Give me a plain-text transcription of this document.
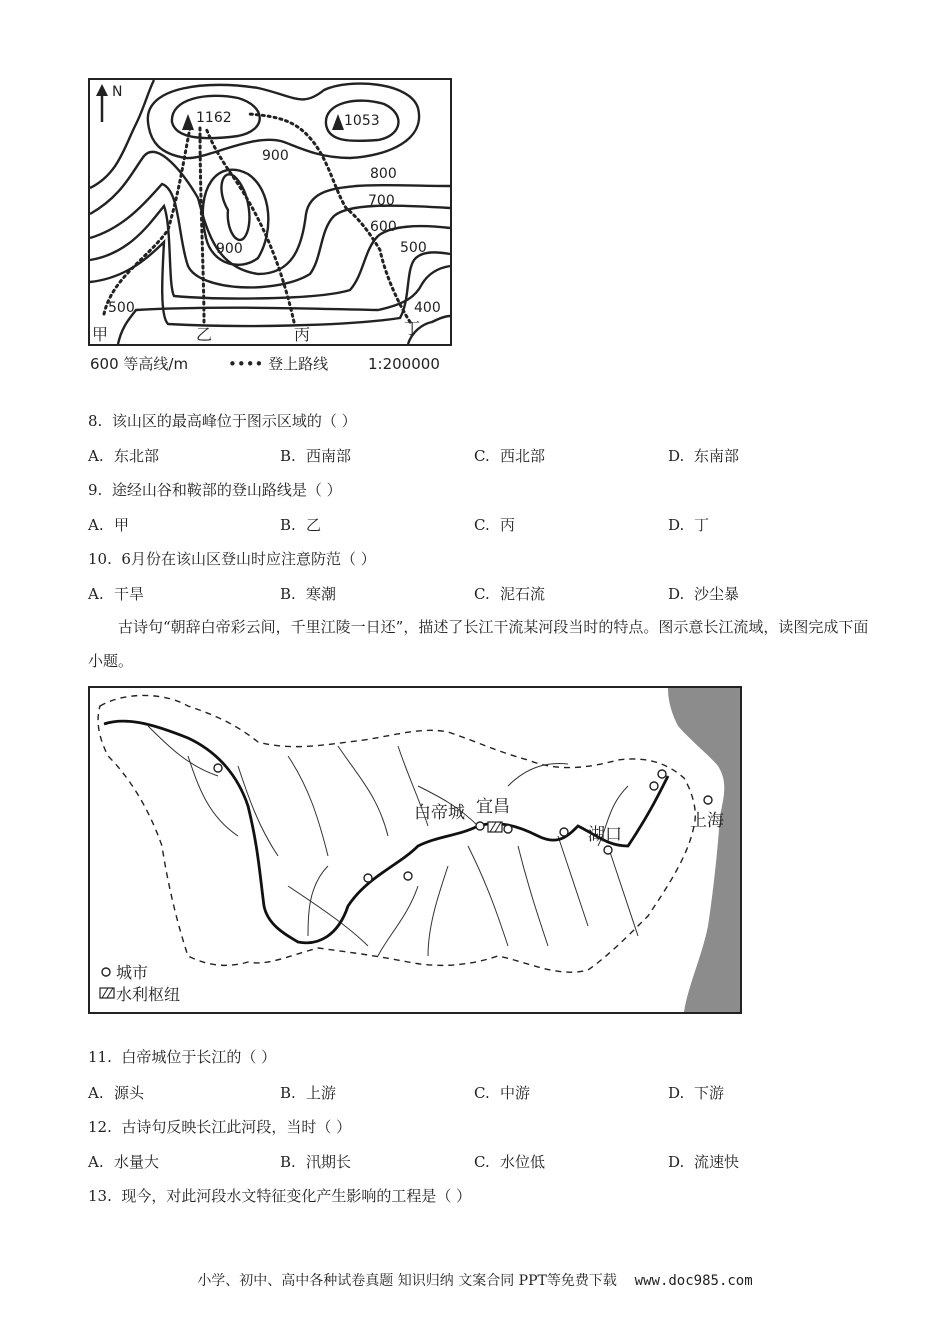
N
1162	1053
900
800
700
600
500
400
900
500
甲	乙	丙	丁
600 等高线/m	•••• 登上路线	1:200000
8. 该山区的最高峰位于图示区域的（ ）
A. 东北部	B. 西南部	C. 西北部	D. 东南部
9. 途经山谷和鞍部的登山路线是（ ）
A. 甲	B. 乙	C. 丙	D. 丁
10. 6月份在该山区登山时应注意防范（ ）
A. 干旱	B. 寒潮	C. 泥石流	D. 沙尘暴
古诗句“朝辞白帝彩云间，千里江陵一日还”，描述了长江干流某河段当时的特点。图示意长江流域，读图完成下面小题。
白帝城 宜昌
湖口
上海
城市
水利枢纽
11. 白帝城位于长江的（ ）
A. 源头	B. 上游	C. 中游	D. 下游
12. 古诗句反映长江此河段，当时（ ）
A. 水量大	B. 汛期长	C. 水位低	D. 流速快
13. 现今，对此河段水文特征变化产生影响的工程是（ ）
小学、初中、高中各种试卷真题 知识归纳 文案合同 PPT等免费下载 www.doc985.com
